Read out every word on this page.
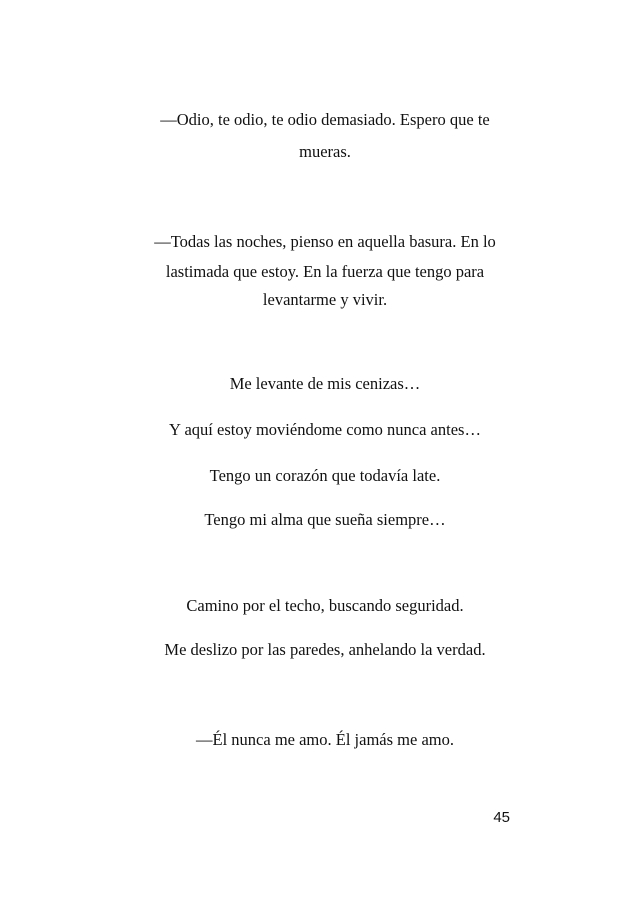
—Odio, te odio, te odio demasiado. Espero que te
mueras.
—Todas las noches, pienso en aquella basura. En lo
lastimada que estoy. En la fuerza que tengo para
levantarme y vivir.
Me levante de mis cenizas…
Y aquí estoy moviéndome como nunca antes…
Tengo un corazón que todavía late.
Tengo mi alma que sueña siempre…
Camino por el techo, buscando seguridad.
Me deslizo por las paredes, anhelando la verdad.
—Él nunca me amo. Él jamás me amo.
45
